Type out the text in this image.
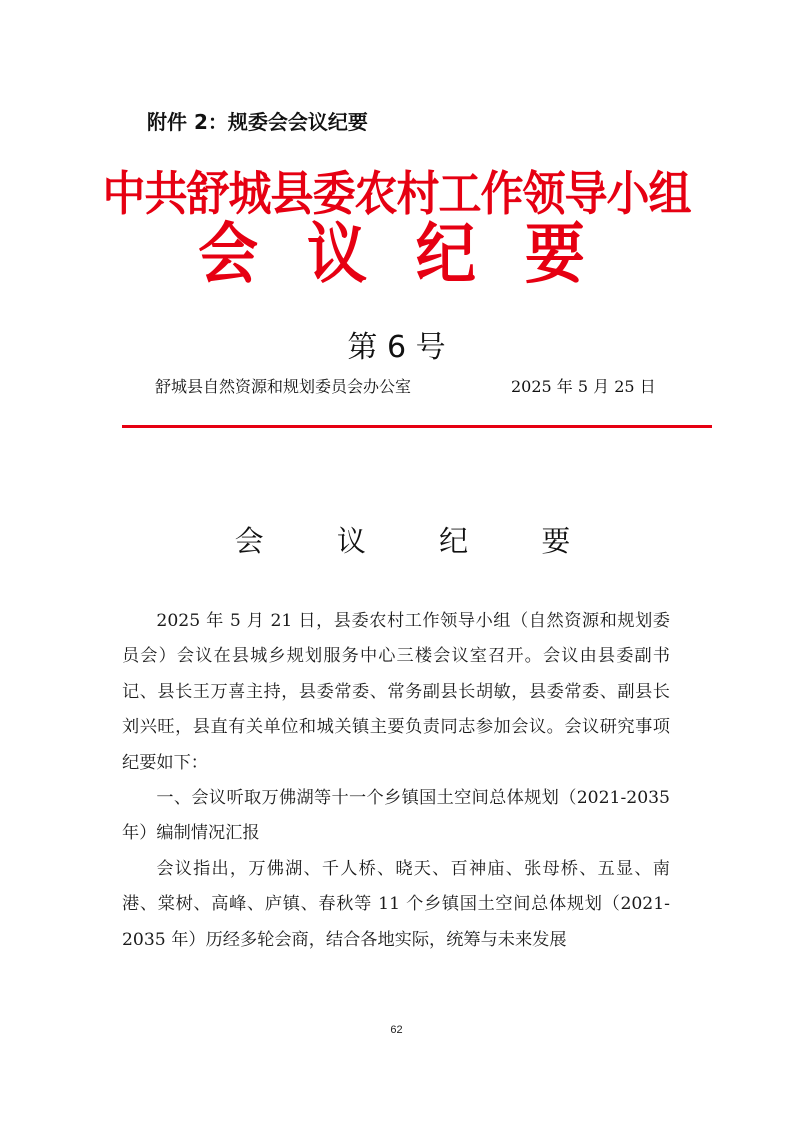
附件 2：规委会会议纪要
中共舒城县委农村工作领导小组
会 议 纪 要
第 6 号
舒城县自然资源和规划委员会办公室	2025 年 5 月 25 日
会 议 纪 要

2025 年 5 月 21 日，县委农村工作领导小组（自然资源和规划委员会）会议在县城乡规划服务中心三楼会议室召开。会议由县委副书记、县长王万喜主持，县委常委、常务副县长胡敏，县委常委、副县长刘兴旺，县直有关单位和城关镇主要负责同志参加会议。会议研究事项纪要如下：

一、会议听取万佛湖等十一个乡镇国土空间总体规划（2021-2035 年）编制情况汇报

会议指出，万佛湖、千人桥、晓天、百神庙、张母桥、五显、南港、棠树、高峰、庐镇、春秋等 11 个乡镇国土空间总体规划（2021-2035 年）历经多轮会商，结合各地实际，统筹与未来发展

62
